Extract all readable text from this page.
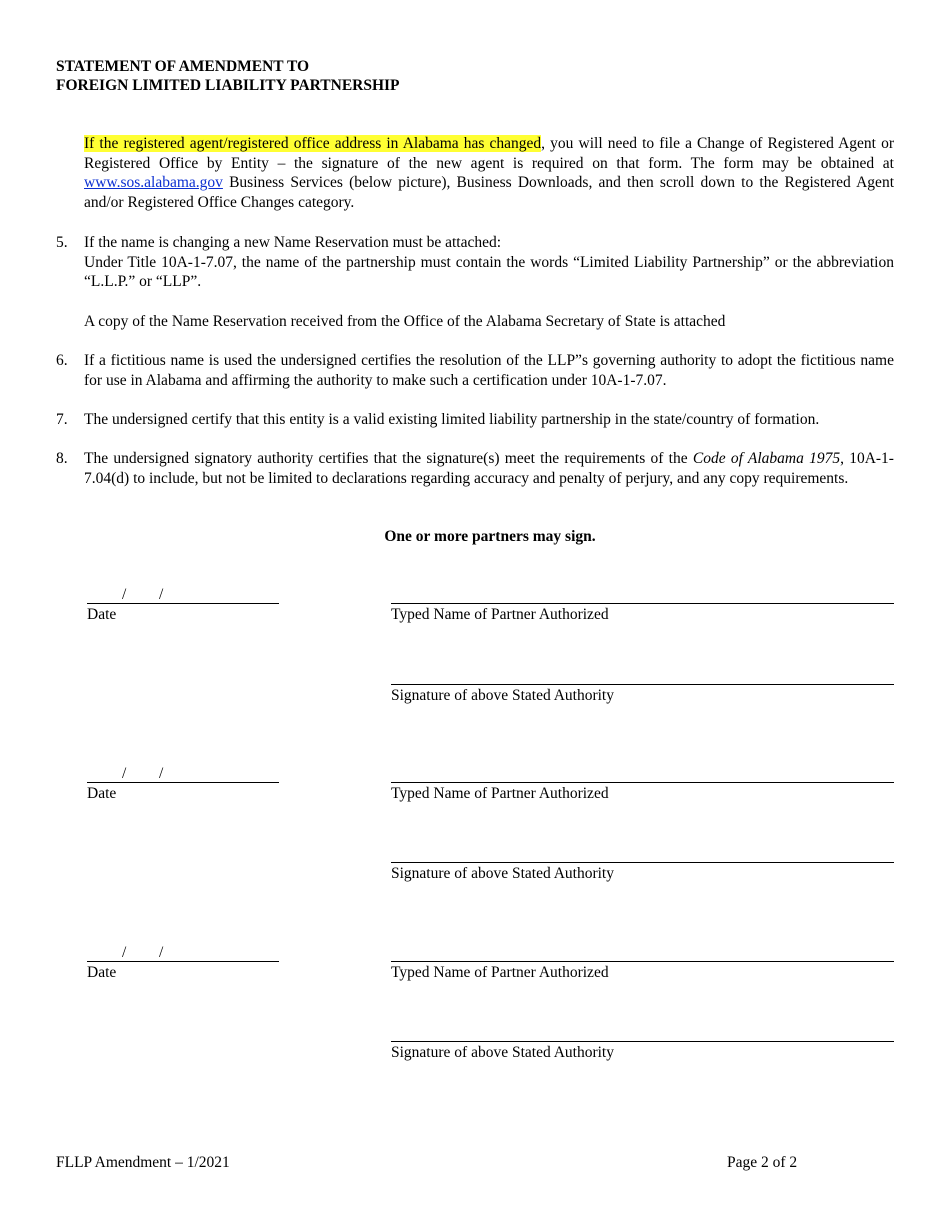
STATEMENT OF AMENDMENT TO
FOREIGN LIMITED LIABILITY PARTNERSHIP

If the registered agent/registered office address in Alabama has changed, you will need to file a Change of Registered Agent or Registered Office by Entity – the signature of the new agent is required on that form. The form may be obtained at www.sos.alabama.gov Business Services (below picture), Business Downloads, and then scroll down to the Registered Agent and/or Registered Office Changes category.

5.	If the name is changing a new Name Reservation must be attached:
Under Title 10A-1-7.07, the name of the partnership must contain the words “Limited Liability Partnership” or the abbreviation “L.L.P.” or “LLP”.
A copy of the Name Reservation received from the Office of the Alabama Secretary of State is attached
6.	If a fictitious name is used the undersigned certifies the resolution of the LLP”s governing authority to adopt the fictitious name for use in Alabama and affirming the authority to make such a certification under 10A-1-7.07.
7.	The undersigned certify that this entity is a valid existing limited liability partnership in the state/country of formation.
8.	The undersigned signatory authority certifies that the signature(s) meet the requirements of the Code of Alabama 1975, 10A-1-7.04(d) to include, but not be limited to declarations regarding accuracy and penalty of perjury, and any copy requirements.
One or more partners may sign.
/ /
Date	Typed Name of Partner Authorized
Signature of above Stated Authority
/ /
Date	Typed Name of Partner Authorized
Signature of above Stated Authority
/ /
Date	Typed Name of Partner Authorized
Signature of above Stated Authority
FLLP Amendment – 1/2021	Page 2 of 2
